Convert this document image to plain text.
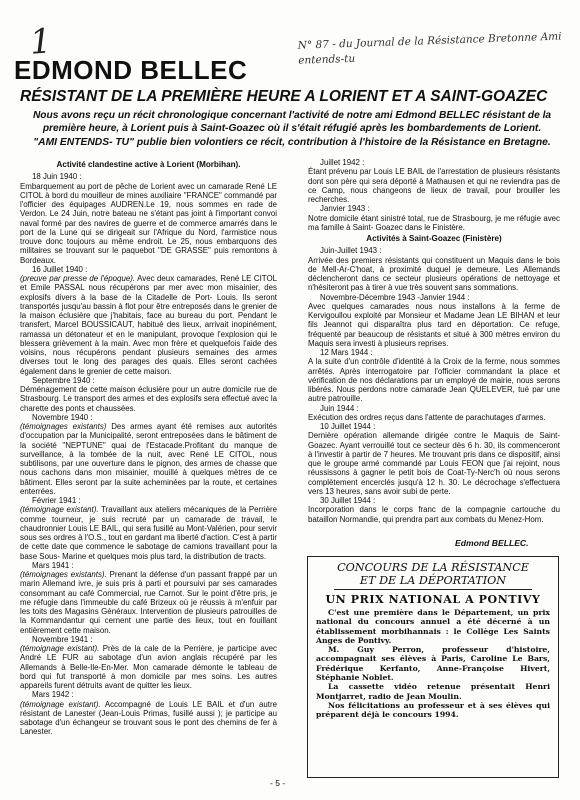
1	N° 87 - du Journal de la Résistance Bretonne Ami entends-tu
EDMOND BELLEC
RÉSISTANT DE LA PREMIÈRE HEURE A LORIENT ET A SAINT-GOAZEC
Nous avons reçu un récit chronologique concernant l'activité de notre ami Edmond BELLEC résistant de la première heure, à Lorient puis à Saint-Goazec où il s'était réfugié après les bombardements de Lorient.
"AMI ENTENDS- TU" publie bien volontiers ce récit, contribution à l'histoire de la Résistance en Bretagne.
Activité clandestine active à Lorient (Morbihan).
18 Juin 1940 :

Embarquement au port de pêche de Lorient avec un camarade René LE CITOL à bord du mouilleur de mines auxiliaire "FRANCE" commandé par l'officier des équipages AUDREN.Le 19, nous sommes en rade de Verdon. Le 24 Juin, notre bateau ne s'étant pas joint à l'important convoi naval formé par des navires de guerre et de commerce amarrés dans le port de la Lune qui se dirigeait sur l'Afrique du Nord, l'armistice nous trouve donc toujours au même endroit. Le 25, nous embarquons des militaires se trouvant sur le paquebot "DE GRASSE" puis remontons à Bordeaux.

16 Juillet 1940 :

(preuve par presse de l'époque). Avec deux camarades, René LE CITOL et Emile PASSAL nous récupérons par mer avec mon misainier, des explosifs divers à la base de la Citadelle de Port- Louis. Ils seront transportés jusqu'au bassin à flot pour être entreposés dans le grenier de la maison éclusière que j'habitais, face au bureau du port. Pendant le transfert, Marcel BOUSSICAUT, habitué des lieux, arrivait inopinément, ramassa un détonateur et en le manipulant, provoque l'explosion qui le blessera grièvement à la main. Avec mon frère et quelquefois l'aide des voisins, nous récupérons pendant plusieurs semaines des armes diverses tout le long des parages des quais. Elles seront cachées également dans le grenier de cette maison.

Septembre 1940 :

Déménagement de cette maison éclusière pour un autre domicile rue de Strasbourg. Le transport des armes et des explosifs sera effectué avec la charette des ponts et chaussées.

Novembre 1940 :

(témoignages existants) Des armes ayant été remises aux autorités d'occupation par la Municipalité, seront entreposées dans le bâtiment de la société "NEPTUNE" quai de l'Estacade.Profitant du manque de surveillance, à la tombée de la nuit, avec René LE CITOL, nous subtilisons, par une ouverture dans le pignon, des armes de chasse que nous cachons dans mon misainier, mouillé à quelques mètres de ce bâtiment. Elles seront par la suite acheminées par la route, et certaines enterrées.

Février 1941 :

(témoignage existant). Travaillant aux ateliers mécaniques de la Perrière comme tourneur, je suis recruté par un camarade de travail, le chaudronnier Louis LE BAIL, qui sera fusillé au Mont-Valérien, pour servir sous ses ordres à l'O.S., tout en gardant ma liberté d'action. C'est à partir de cette date que commence le sabotage de camions travaillant pour la base Sous- Marine et quelques mois plus tard, la distribution de tracts.

Mars 1941 :

(témoignages existants). Prenant la défense d'un passant frappé par un marin Allemand ivre, je suis pris à parti et poursuivi par ses camarades consommant au café Commercial, rue Carnot. Sur le point d'être pris, je me réfugie dans l'immeuble du café Brizeux où je réussis à m'enfuir par les toits des Magasins Généraux. Intervention de plusieurs patrouilles de la Kommandantur qui cernent une partie des lieux, tout en fouillant entièrement cette maison.

Novembre 1941 :

(témoignage existant). Près de la cale de la Perrière, je participe avec André LE FUR au sabotage d'un avion anglais récupéré par les Allemands à Belle-Ile-En-Mer. Mon camarade démonte le tableau de bord qui fut transporté à mon domicile par mes soins. Les autres appareils furent détruits avant de quitter les lieux.

Mars 1942 :

(témoignage existant). Accompagné de Louis LE BAIL et d'un autre résistant de Lanester (Jean-Louis Primas, fusillé aussi ); je participe au sabotage d'un échangeur se trouvant sous le pont des chemins de fer à Lanester.

Juillet 1942 :

Étant prévenu par Louis LE BAIL de l'arrestation de plusieurs résistants dont son père qui sera déporté à Mathausen et qui ne reviendra pas de ce Camp, nous changeons de lieux de travail, pour brouiller les recherches.

Janvier 1943 :

Notre domicile étant sinistré total, rue de Strasbourg, je me réfugie avec ma famille à Saint- Goazec dans le Finistère.

Activités à Saint-Goazec (Finistère)
Juin-Juillet 1943 :

Arrivée des premiers résistants qui constituent un Maquis dans le bois de Mell-Ar-C'hoat, à proximité duquel je demeure. Les Allemands déclencheront dans ce secteur plusieurs opérations de nettoyage et n'hésiteront pas à tirer à vue très souvent sans sommations.

Novembre-Décembre 1943 -Janvier 1944 :

Avec quelques camarades nous nous installons à la ferme de Kervigoullou exploité par Monsieur et Madame Jean LE BIHAN et leur fils Jeannot qui disparaîtra plus tard en déportation. Ce refuge, fréquenté par beaucoup de résistants et situé à 300 mètres environ du Maquis sera investi à plusieurs reprises.

12 Mars 1944 :

A la suite d'un contrôle d'identité à la Croix de la ferme, nous sommes arrêtés. Après interrogatoire par l'officier commandant la place et vérification de nos déclarations par un employé de mairie, nous serons libérés. Nous perdons notre camarade Jean QUELEVER, tué par une autre patrouille.

Juin 1944 :

Exécution des ordres reçus dans l'attente de parachutages d'armes.

10 Juillet 1944 :

Dernière opération allemande dirigée contre le Maquis de Saint-Goazec. Ayant verrouillé tout ce secteur dès 6 h. 30, ils commenceront à l'investir à partir de 7 heures. Me trouvant pris dans ce dispositif, ainsi que le groupe armé commandé par Louis FEON que j'ai rejoint, nous réussissons à gagner le petit bois de Coat-Ty-Nerc'h où nous serons complètement encerclés jusqu'à 12 h. 30. Le décrochage s'effectuera vers 13 heures, sans avoir subi de perte.

30 Juillet 1944 :

Incorporation dans le corps franc de la compagnie cartouche du bataillon Normandie, qui prendra part aux combats du Menez-Hom.

Edmond BELLEC.
CONCOURS DE LA RÉSISTANCE
ET DE LA DÉPORTATION
UN PRIX NATIONAL A PONTIVY

C'est une première dans le Département, un prix national du concours annuel a été décerné à un établissement morbihannais : le Collège Les Saints Anges de Pontivy.

M. Guy Perron, professeur d'histoire, accompagnait ses élèves à Paris, Caroline Le Bars, Frédérique Kerfanto, Anne-Françoise Hivert, Stéphanie Noblet.

La cassette vidéo retenue présentait Henri Montjarret, radio de Jean Moulin.

Nos félicitations au professeur et à ses élèves qui préparent déjà le concours 1994.

- 5 -
